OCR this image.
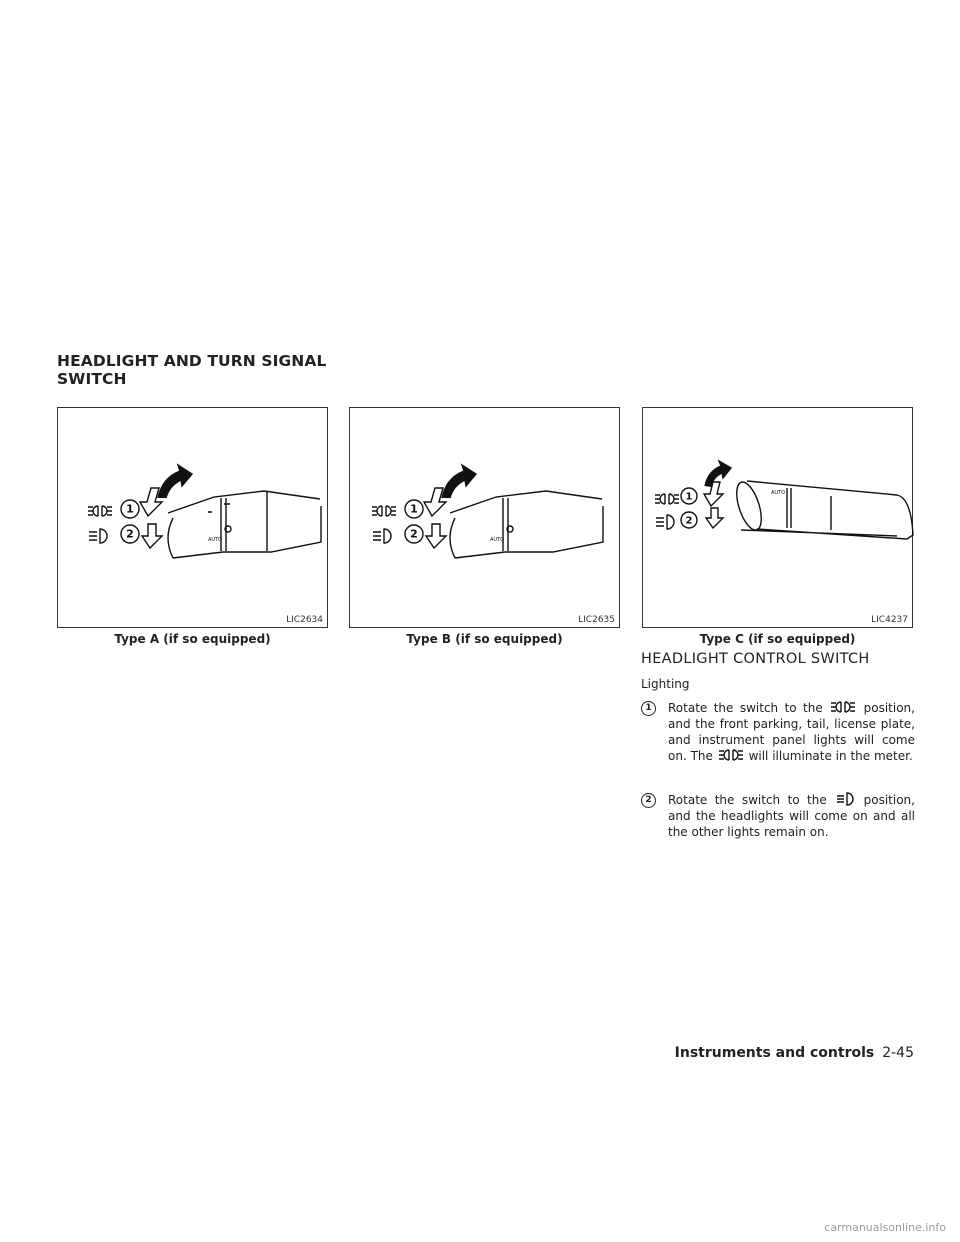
HEADLIGHT AND TURN SIGNAL
SWITCH
1
2	AUTO
LIC2634
Type A (if so equipped)
1
2	AUTO
LIC2635
Type B (if so equipped)
1
2
AUTO
LIC4237
Type C (if so equipped)
HEADLIGHT CONTROL SWITCH
Lighting
1	Rotate the switch to the	position, and the front parking, tail, license plate, and instrument panel lights will come on. The	will illuminate in the meter.
2	Rotate the switch to the	position, and the headlights will come on and all the other lights remain on.
Instruments and controls 2-45
carmanualsonline.info
